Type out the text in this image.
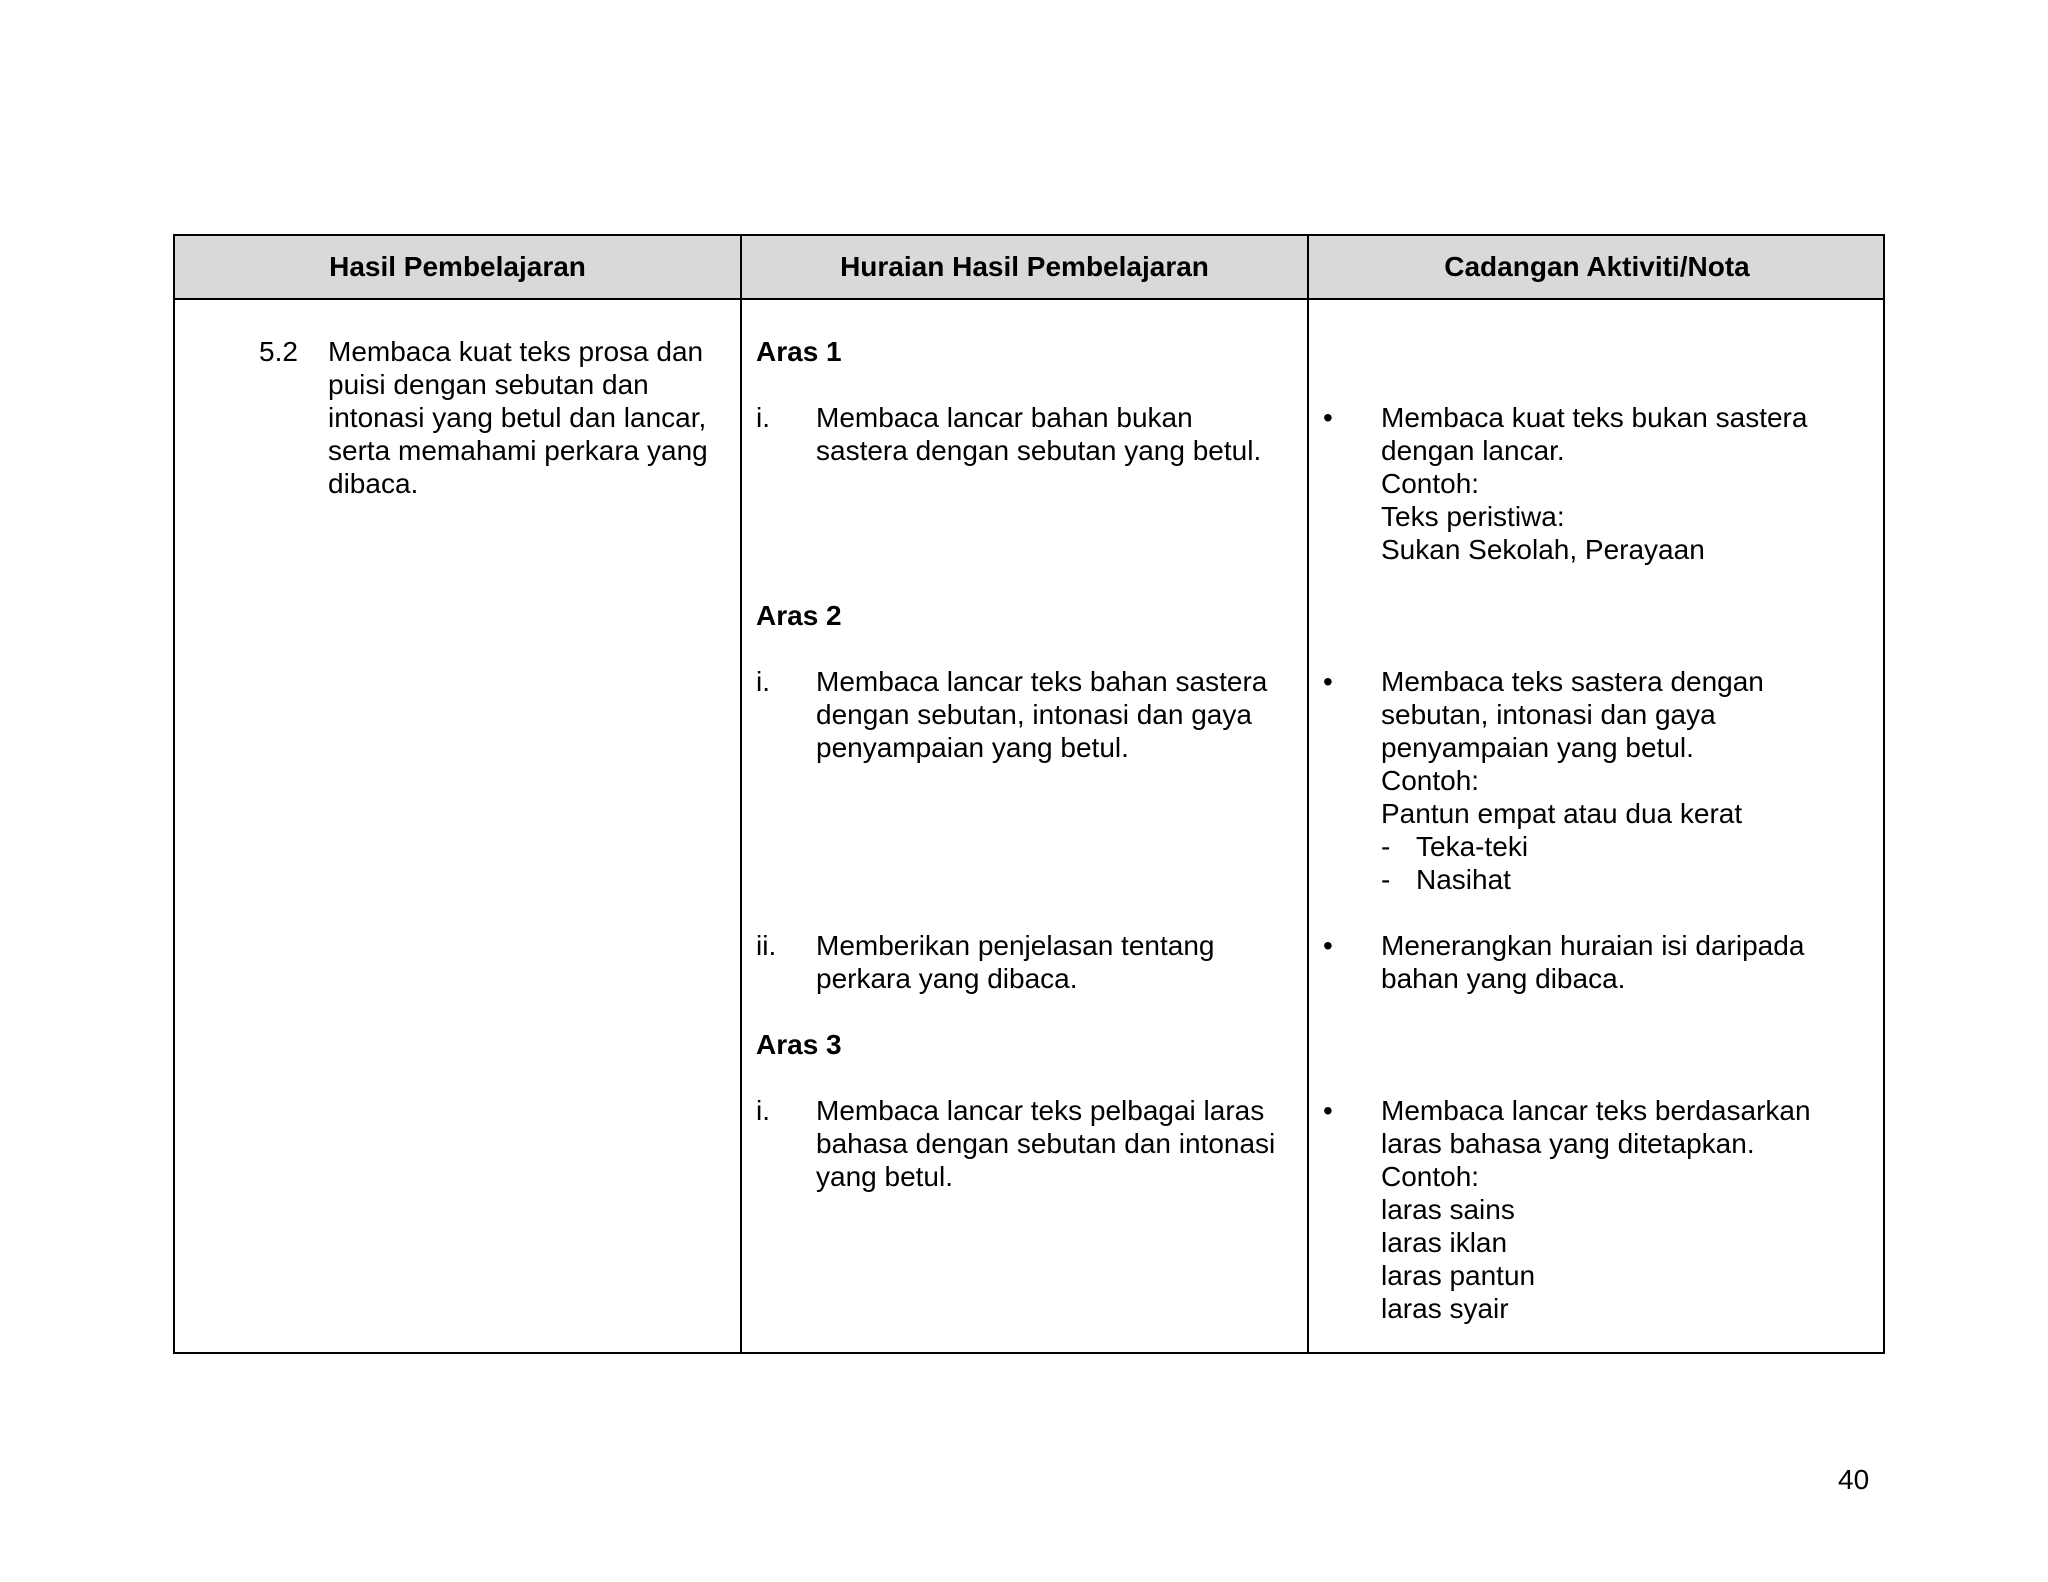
Hasil Pembelajaran	Huraian Hasil Pembelajaran	Cadangan Aktiviti/Nota
5.2 Membaca kuat teks prosa dan
puisi dengan sebutan dan
intonasi yang betul dan lancar,
serta memahami perkara yang
dibaca.
Aras 1
i. Membaca lancar bahan bukan
sastera dengan sebutan yang betul.
• Membaca kuat teks bukan sastera
dengan lancar.
Contoh:
Teks peristiwa:
Sukan Sekolah, Perayaan
Aras 2
i. Membaca lancar teks bahan sastera
dengan sebutan, intonasi dan gaya
penyampaian yang betul.
• Membaca teks sastera dengan
sebutan, intonasi dan gaya
penyampaian yang betul.
Contoh:
Pantun empat atau dua kerat
- Teka-teki
- Nasihat
ii. Memberikan penjelasan tentang
perkara yang dibaca.
• Menerangkan huraian isi daripada
bahan yang dibaca.
Aras 3
i. Membaca lancar teks pelbagai laras
bahasa dengan sebutan dan intonasi
yang betul.
• Membaca lancar teks berdasarkan
laras bahasa yang ditetapkan.
Contoh:
laras sains
laras iklan
laras pantun
laras syair
40
